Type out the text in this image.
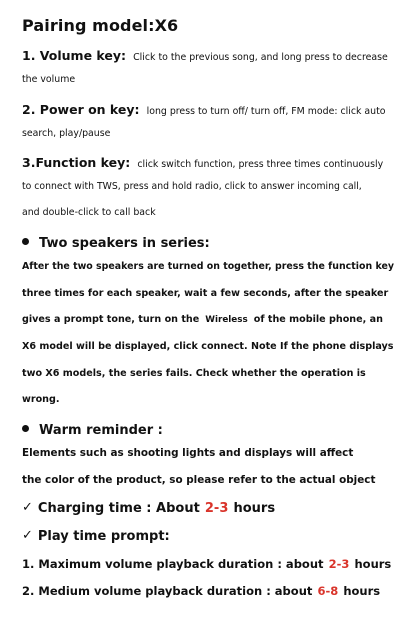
Pairing model:X6
1. Volume key: Click to the previous song, and long press to decrease
the volume
2. Power on key: long press to turn off/ turn off, FM mode: click auto
search, play/pause
3.Function key: click switch function, press three times continuously
to connect with TWS, press and hold radio, click to answer incoming call,
and double-click to call back
Two speakers in series:
After the two speakers are turned on together, press the function key
three times for each speaker, wait a few seconds, after the speaker
gives a prompt tone, turn on the Wireless of the mobile phone, an
X6 model will be displayed, click connect. Note If the phone displays
two X6 models, the series fails. Check whether the operation is
wrong.
Warm reminder :
Elements such as shooting lights and displays will affect
the color of the product, so please refer to the actual object
✓ Charging time : About 2-3 hours
✓ Play time prompt:
1. Maximum volume playback duration : about 2-3 hours
2. Medium volume playback duration : about 6-8 hours
